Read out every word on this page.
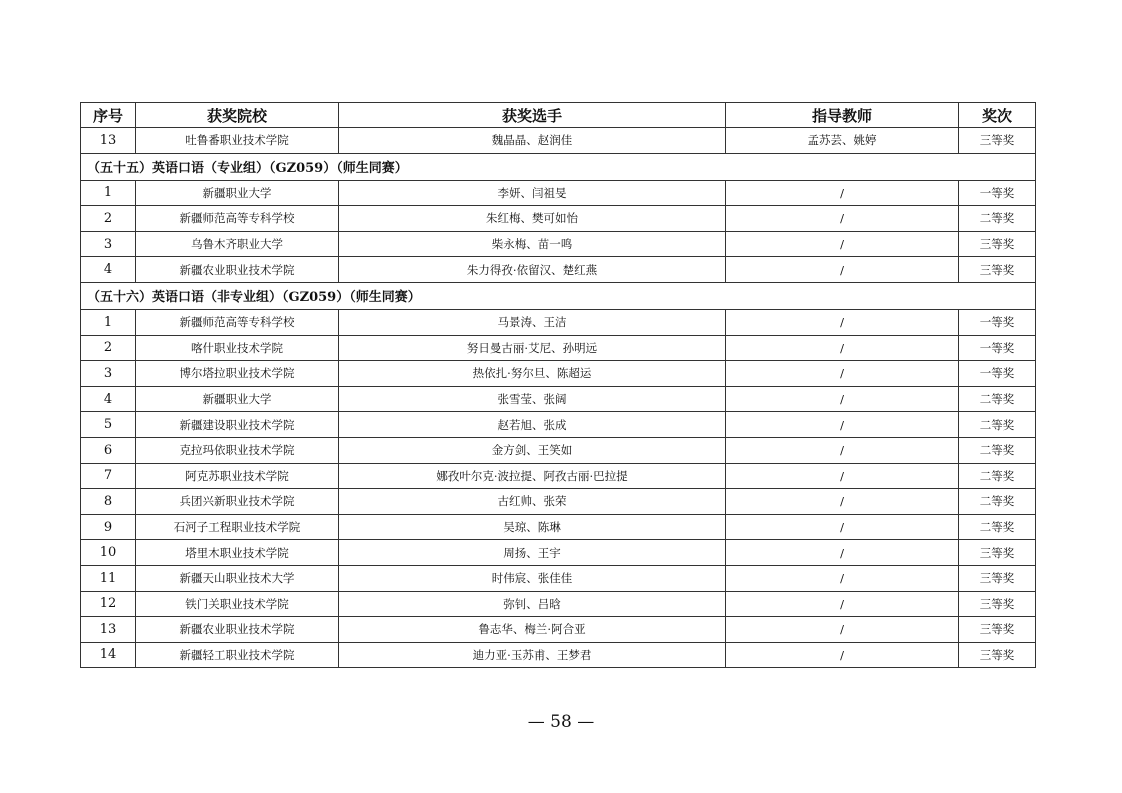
序号	获奖院校	获奖选手	指导教师	奖次
13	吐鲁番职业技术学院	魏晶晶、赵润佳	孟苏芸、姚婷	三等奖
（五十五）英语口语（专业组）（GZ059）（师生同赛）				
1	新疆职业大学	李妍、闫祖旻	/	一等奖
2	新疆师范高等专科学校	朱红梅、樊可如怡	/	二等奖
3	乌鲁木齐职业大学	柴永梅、苗一鸣	/	三等奖
4	新疆农业职业技术学院	朱力得孜·依留汉、楚红燕	/	三等奖
（五十六）英语口语（非专业组）（GZ059）（师生同赛）				
1	新疆师范高等专科学校	马景涛、王洁	/	一等奖
2	喀什职业技术学院	努日曼古丽·艾尼、孙明远	/	一等奖
3	博尔塔拉职业技术学院	热依扎·努尔旦、陈超运	/	一等奖
4	新疆职业大学	张雪莹、张阔	/	二等奖
5	新疆建设职业技术学院	赵若旭、张成	/	二等奖
6	克拉玛依职业技术学院	金方剑、王笑如	/	二等奖
7	阿克苏职业技术学院	娜孜叶尔克·波拉提、阿孜古丽·巴拉提	/	二等奖
8	兵团兴新职业技术学院	古红帅、张荣	/	二等奖
9	石河子工程职业技术学院	吴琼、陈琳	/	二等奖
10	塔里木职业技术学院	周扬、王宇	/	三等奖
11	新疆天山职业技术大学	时伟宸、张佳佳	/	三等奖
12	铁门关职业技术学院	弥钊、吕晗	/	三等奖
13	新疆农业职业技术学院	鲁志华、梅兰·阿合亚	/	三等奖
14	新疆轻工职业技术学院	迪力亚·玉苏甫、王梦君	/	三等奖
— 58 —
